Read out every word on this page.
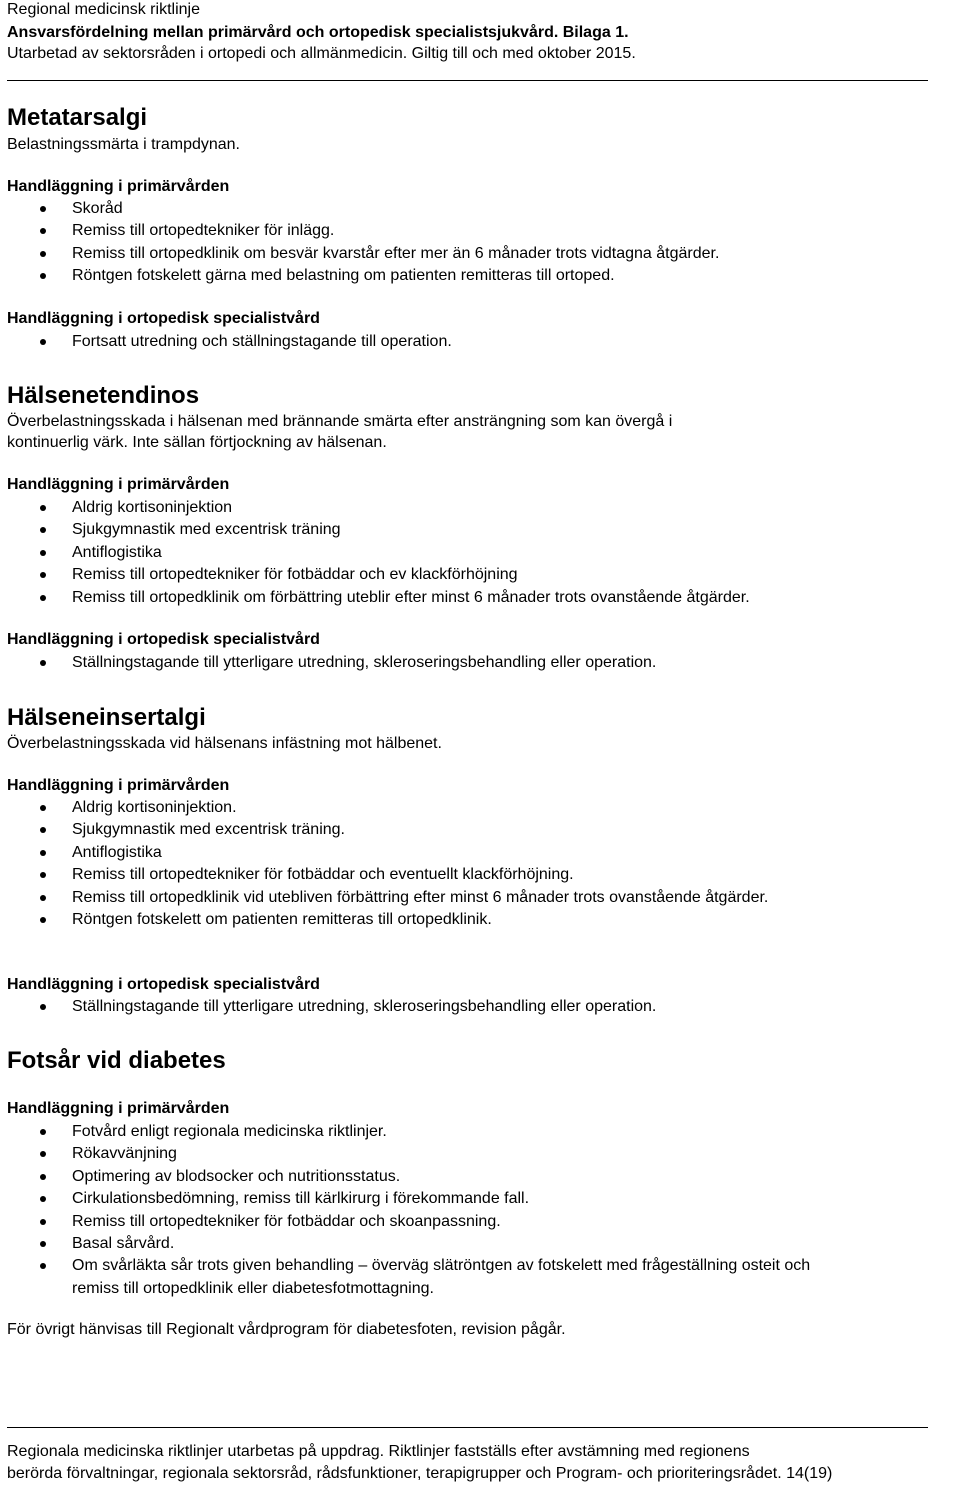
Regional medicinsk riktlinje
Ansvarsfördelning mellan primärvård och ortopedisk specialistsjukvård. Bilaga 1.
Utarbetad av sektorsråden i ortopedi och allmänmedicin. Giltig till och med oktober 2015.
Metatarsalgi
Belastningssmärta i trampdynan.
Handläggning i primärvården
Skoråd
Remiss till ortopedtekniker för inlägg.
Remiss till ortopedklinik om besvär kvarstår efter mer än 6 månader trots vidtagna åtgärder.
Röntgen fotskelett gärna med belastning om patienten remitteras till ortoped.
Handläggning i ortopedisk specialistvård
Fortsatt utredning och ställningstagande till operation.
Hälsenetendinos
Överbelastningsskada i hälsenan med brännande smärta efter ansträngning som kan övergå i
kontinuerlig värk. Inte sällan förtjockning av hälsenan.
Handläggning i primärvården
Aldrig kortisoninjektion
Sjukgymnastik med excentrisk träning
Antiflogistika
Remiss till ortopedtekniker för fotbäddar och ev klackförhöjning
Remiss till ortopedklinik om förbättring uteblir efter minst 6 månader trots ovanstående åtgärder.
Handläggning i ortopedisk specialistvård
Ställningstagande till ytterligare utredning, skleroseringsbehandling eller operation.
Hälseneinsertalgi
Överbelastningsskada vid hälsenans infästning mot hälbenet.
Handläggning i primärvården
Aldrig kortisoninjektion.
Sjukgymnastik med excentrisk träning.
Antiflogistika
Remiss till ortopedtekniker för fotbäddar och eventuellt klackförhöjning.
Remiss till ortopedklinik vid utebliven förbättring efter minst 6 månader trots ovanstående åtgärder.
Röntgen fotskelett om patienten remitteras till ortopedklinik.
Handläggning i ortopedisk specialistvård
Ställningstagande till ytterligare utredning, skleroseringsbehandling eller operation.
Fotsår vid diabetes
Handläggning i primärvården
Fotvård enligt regionala medicinska riktlinjer.
Rökavvänjning
Optimering av blodsocker och nutritionsstatus.
Cirkulationsbedömning, remiss till kärlkirurg i förekommande fall.
Remiss till ortopedtekniker för fotbäddar och skoanpassning.
Basal sårvård.
Om svårläkta sår trots given behandling – överväg slätröntgen av fotskelett med frågeställning osteit och remiss till ortopedklinik eller diabetesfotmottagning.
För övrigt hänvisas till Regionalt vårdprogram för diabetesfoten, revision pågår.
Regionala medicinska riktlinjer utarbetas på uppdrag. Riktlinjer fastställs efter avstämning med regionens
berörda förvaltningar, regionala sektorsråd, rådsfunktioner, terapigrupper och Program- och prioriteringsrådet. 14(19)
